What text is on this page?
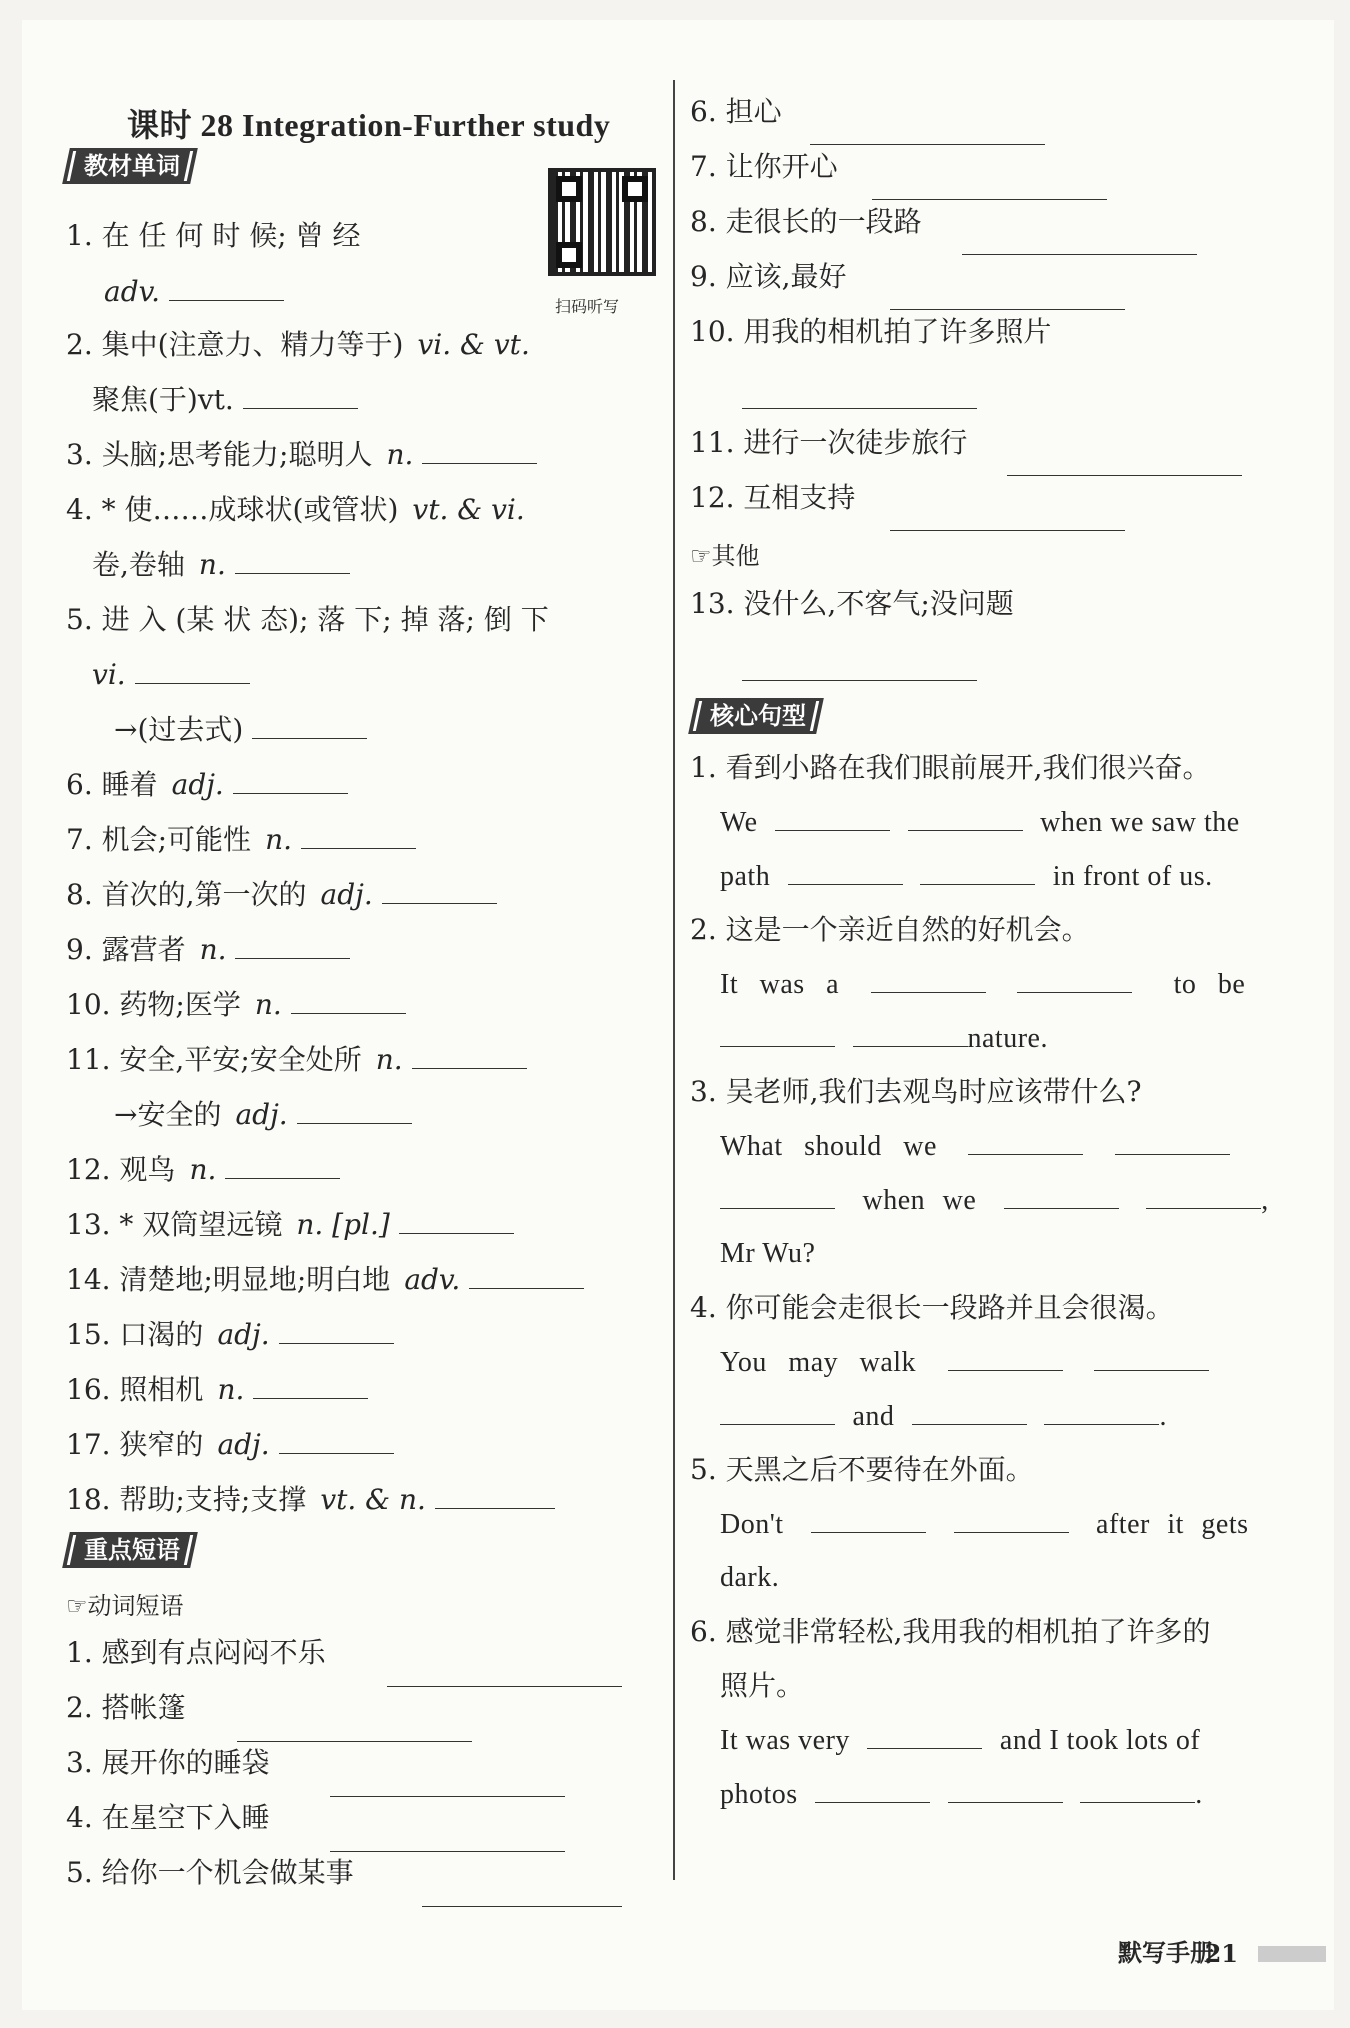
课时 28 Integration-Further study
教材单词
扫码听写
1. 在 任 何 时 候; 曾 经
adv.
2. 集中(注意力、精力等于) vi. & vt.
聚焦(于)vt.
3. 头脑;思考能力;聪明人 n.
4. * 使……成球状(或管状) vt. & vi.
卷,卷轴 n.
5. 进 入 (某 状 态); 落 下; 掉 落; 倒 下
vi.
→(过去式)
6. 睡着 adj.
7. 机会;可能性 n.
8. 首次的,第一次的 adj.
9. 露营者 n.
10. 药物;医学 n.
11. 安全,平安;安全处所 n.
→安全的 adj.
12. 观鸟 n.
13. * 双筒望远镜 n. [pl.]
14. 清楚地;明显地;明白地 adv.
15. 口渴的 adj.
16. 照相机 n.
17. 狭窄的 adj.
18. 帮助;支持;支撑 vt. & n.
重点短语
☞动词短语
1. 感到有点闷闷不乐
2. 搭帐篷
3. 展开你的睡袋
4. 在星空下入睡
5. 给你一个机会做某事
6. 担心
7. 让你开心
8. 走很长的一段路
9. 应该,最好
10. 用我的相机拍了许多照片
11. 进行一次徒步旅行
12. 互相支持
☞其他
13. 没什么,不客气;没问题
核心句型
1. 看到小路在我们眼前展开,我们很兴奋。
We	when we saw the
path	in front of us.
2. 这是一个亲近自然的好机会。
It was a	to be
nature.
3. 吴老师,我们去观鸟时应该带什么?
What should we
when we	,
Mr Wu?
4. 你可能会走很长一段路并且会很渴。
You may walk
and	.
5. 天黑之后不要待在外面。
Don't	after it gets
dark.
6. 感觉非常轻松,我用我的相机拍了许多的
照片。
It was very	and I took lots of
photos	.
默写手册
21
